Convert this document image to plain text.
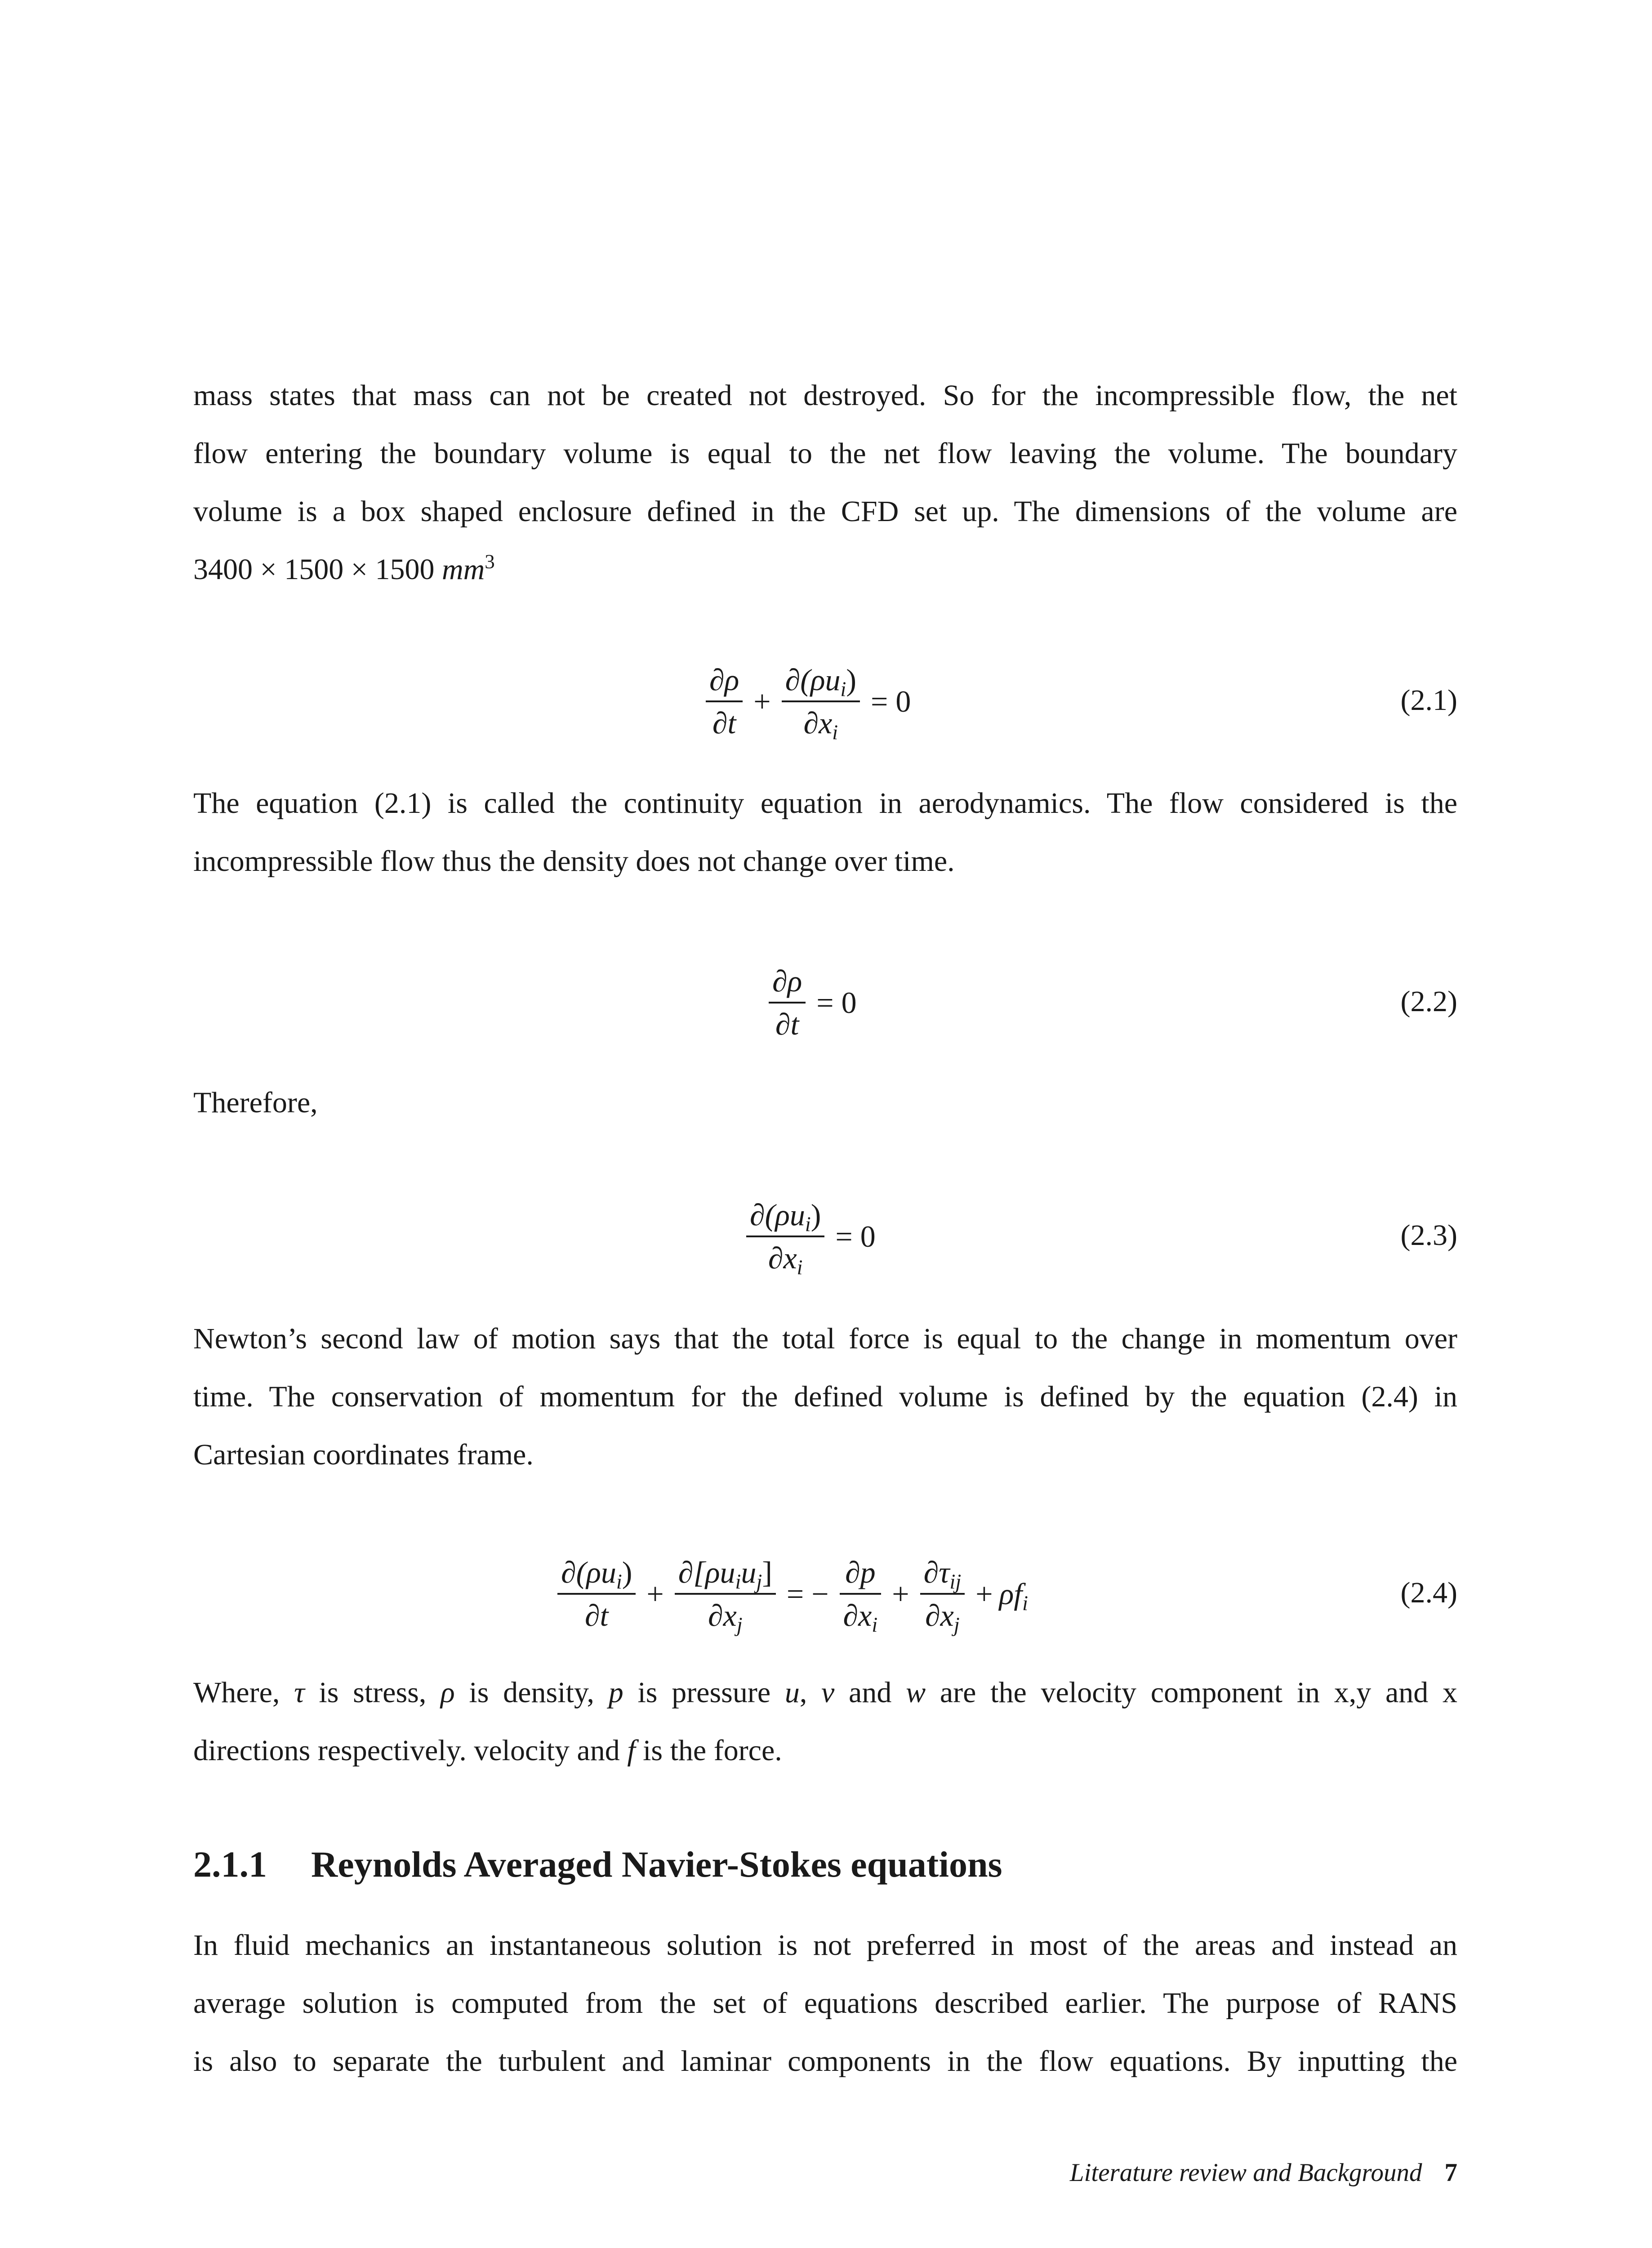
mass states that mass can not be created not destroyed. So for the incompressible flow, the net

flow entering the boundary volume is equal to the net flow leaving the volume. The boundary

volume is a box shaped enclosure defined in the CFD set up. The dimensions of the volume are

3400 × 1500 × 1500 $mm^3$

$\frac{\partial\rho}{\partial t} + \frac{\partial(\rho u_i)}{\partial x_i} = 0$	(2.1)

The equation (2.1) is called the continuity equation in aerodynamics. The flow considered is the

incompressible flow thus the density does not change over time.

$\frac{\partial\rho}{\partial t} = 0$	(2.2)

Therefore,

$\frac{\partial(\rho u_i)}{\partial x_i} = 0$	(2.3)

Newton’s second law of motion says that the total force is equal to the change in momentum over

time. The conservation of momentum for the defined volume is defined by the equation (2.4) in

Cartesian coordinates frame.

$\frac{\partial(\rho u_i)}{\partial t} + \frac{\partial[\rho u_iu_j]}{\partial x_j}$ = − $\frac{\partial p}{\partial x_i} + \frac{\partial\tau_{ij}}{\partial x_j} + \rho f_i$	(2.4)

Where, τ is stress, ρ is density, p is pressure u, v and w are the velocity component in x,y and x

directions respectively. velocity and f is the force.

2.1.1 Reynolds Averaged Navier-Stokes equations

In fluid mechanics an instantaneous solution is not preferred in most of the areas and instead an

average solution is computed from the set of equations described earlier. The purpose of RANS

is also to separate the turbulent and laminar components in the flow equations. By inputting the

Literature review and Background 7
